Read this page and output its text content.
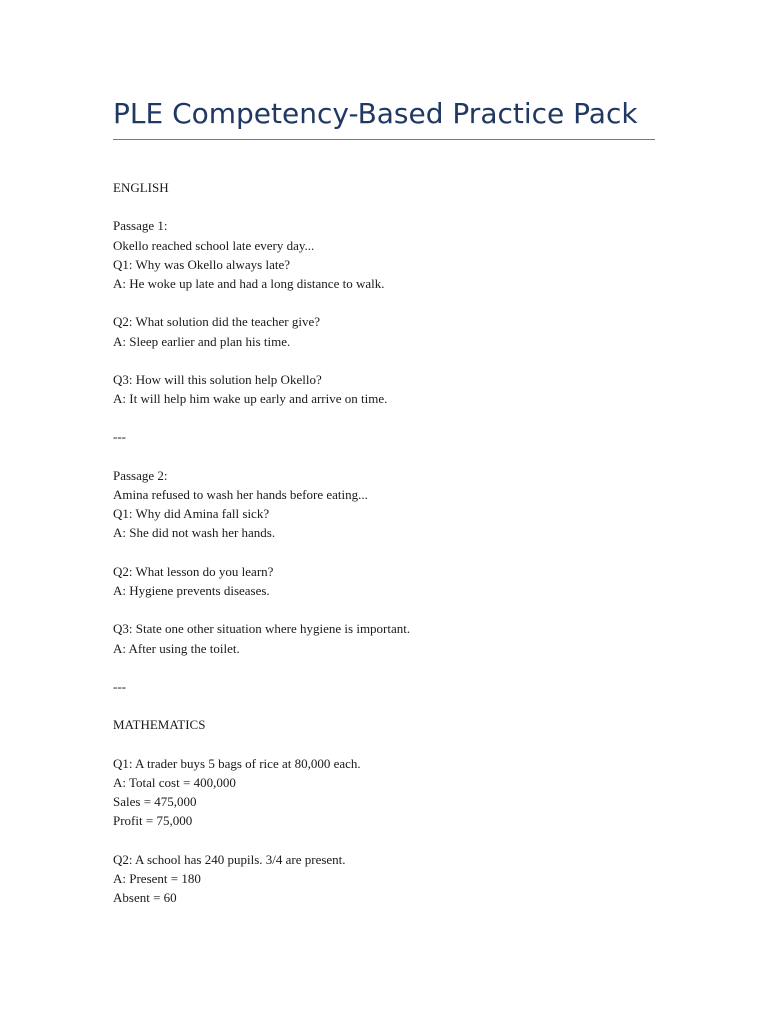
PLE Competency-Based Practice Pack
ENGLISH
Passage 1:
Okello reached school late every day...
Q1: Why was Okello always late?
A: He woke up late and had a long distance to walk.
Q2: What solution did the teacher give?
A: Sleep earlier and plan his time.
Q3: How will this solution help Okello?
A: It will help him wake up early and arrive on time.
---
Passage 2:
Amina refused to wash her hands before eating...
Q1: Why did Amina fall sick?
A: She did not wash her hands.
Q2: What lesson do you learn?
A: Hygiene prevents diseases.
Q3: State one other situation where hygiene is important.
A: After using the toilet.
---
MATHEMATICS
Q1: A trader buys 5 bags of rice at 80,000 each.
A: Total cost = 400,000
Sales = 475,000
Profit = 75,000
Q2: A school has 240 pupils. 3/4 are present.
A: Present = 180
Absent = 60
